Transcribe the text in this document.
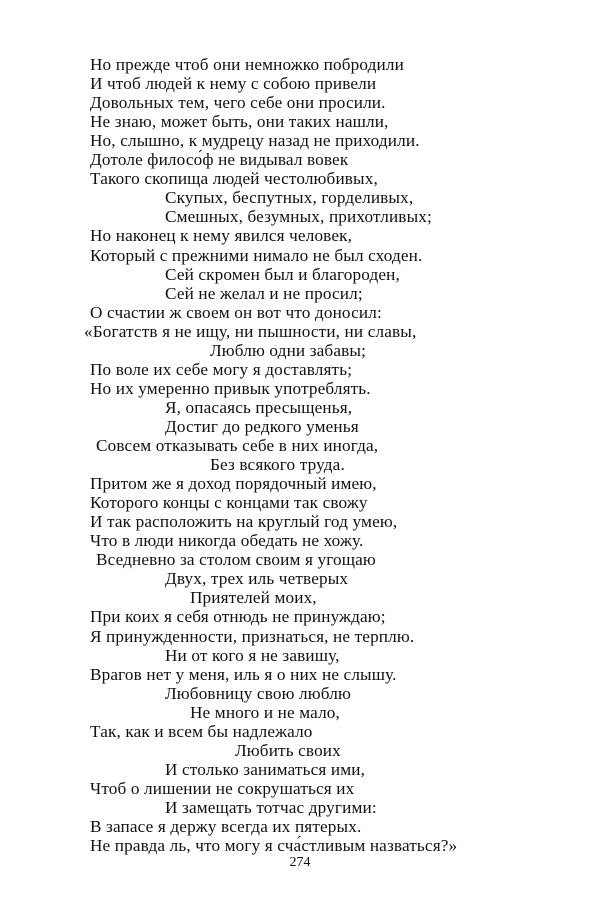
Но прежде чтоб они немножко побродили
И чтоб людей к нему с собою привели
Довольных тем, чего себе они просили.
Не знаю, может быть, они таких нашли,
Но, слышно, к мудрецу назад не приходили.
Дотоле филосо́ф не видывал вовек
Такого скопища людей честолюбивых,
Скупых, беспутных, горделивых,
Смешных, безумных, прихотливых;
Но наконец к нему явился человек,
Который с прежними нимало не был сходен.
Сей скромен был и благороден,
Сей не желал и не просил;
О счастии ж своем он вот что доносил:
«Богатств я не ищу, ни пышности, ни славы,
Люблю одни забавы;
По воле их себе могу я доставлять;
Но их умеренно привык употреблять.
Я, опасаясь пресыщенья,
Достиг до редкого уменья
Совсем отказывать себе в них иногда,
Без всякого труда.
Притом же я доход порядочный имею,
Которого концы с концами так свожу
И так расположить на круглый год умею,
Что в люди никогда обедать не хожу.
Вседневно за столом своим я угощаю
Двух, трех иль четверых
Приятелей моих,
При коих я себя отнюдь не принуждаю;
Я принужденности, признаться, не терплю.
Ни от кого я не завишу,
Врагов нет у меня, иль я о них не слышу.
Любовницу свою люблю
Не много и не мало,
Так, как и всем бы надлежало
Любить своих
И столько заниматься ими,
Чтоб о лишении не сокрушаться их
И замещать тотчас другими:
В запасе я держу всегда их пятерых.
Не правда ль, что могу я сча́стливым назваться?»
274
